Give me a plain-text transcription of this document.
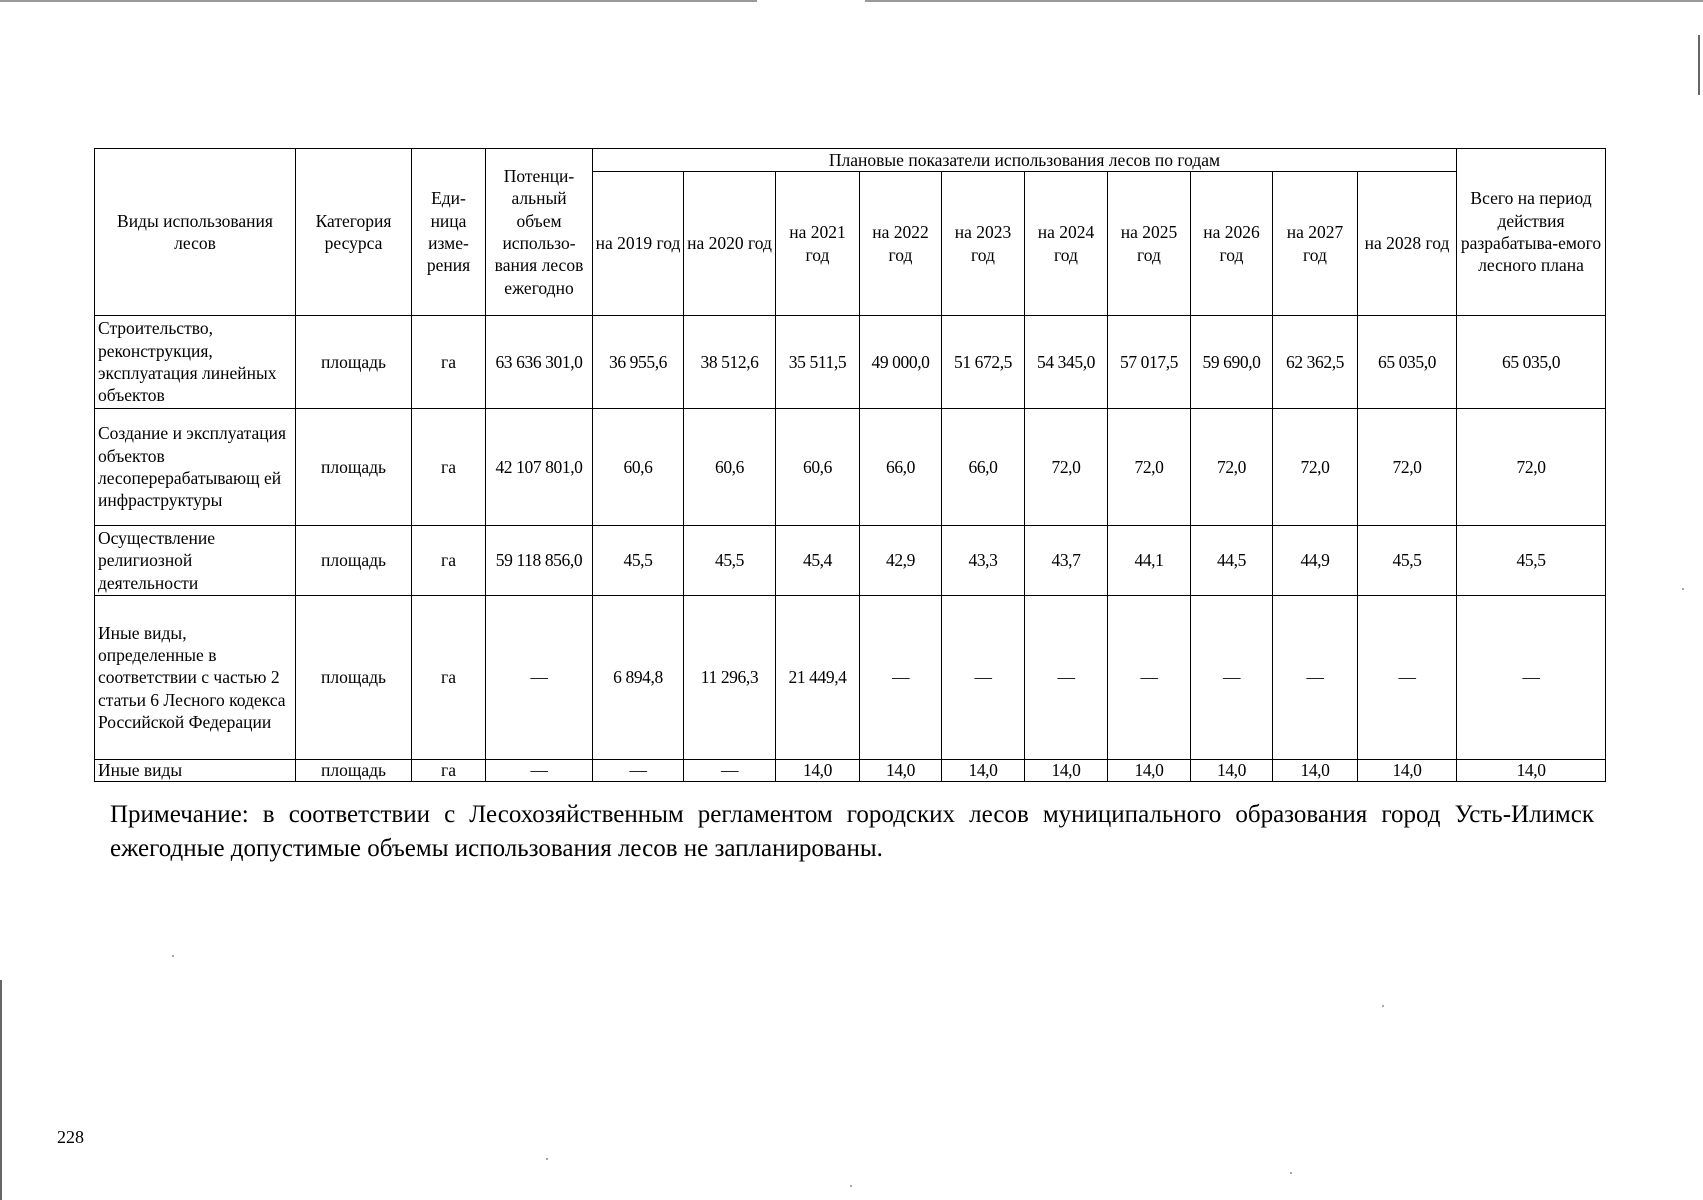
Виды использования лесов	Категория ресурса	Еди-ница изме-рения	Потенци-альный объем использо-вания лесов ежегодно	Плановые показатели использования лесов по годам										Всего на период действия разрабатыва-емого лесного плана
				на 2019 год	на 2020 год	на 2021 год	на 2022 год	на 2023 год	на 2024 год	на 2025 год	на 2026 год	на 2027 год	на 2028 год	
Строительство, реконструкция, эксплуатация линейных объектов	площадь	га	63 636 301,0	36 955,6	38 512,6	35 511,5	49 000,0	51 672,5	54 345,0	57 017,5	59 690,0	62 362,5	65 035,0	65 035,0
Создание и эксплуатация объектов лесоперерабатывающ ей инфраструктуры	площадь	га	42 107 801,0	60,6	60,6	60,6	66,0	66,0	72,0	72,0	72,0	72,0	72,0	72,0
Осуществление религиозной деятельности	площадь	га	59 118 856,0	45,5	45,5	45,4	42,9	43,3	43,7	44,1	44,5	44,9	45,5	45,5
Иные виды, определенные в соответствии с частью 2 статьи 6 Лесного кодекса Российской Федерации	площадь	га	—	6 894,8	11 296,3	21 449,4	—	—	—	—	—	—	—	—
Иные виды	площадь	га	—	—	—	14,0	14,0	14,0	14,0	14,0	14,0	14,0	14,0	14,0
Примечание: в соответствии с Лесохозяйственным регламентом городских лесов муниципального образования город Усть-Илимск ежегодные допустимые объемы использования лесов не запланированы.
228
